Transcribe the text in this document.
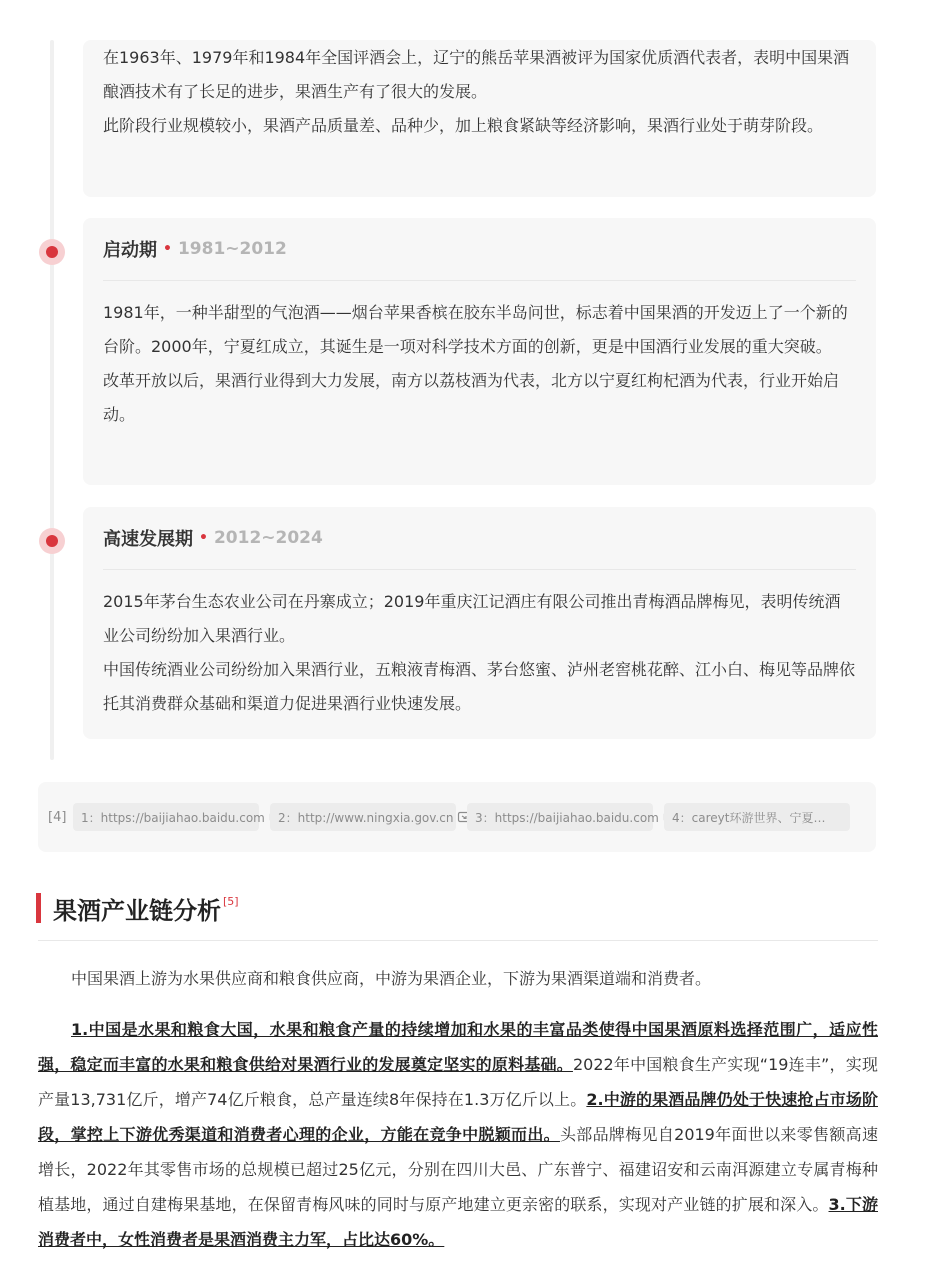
在1963年、1979年和1984年全国评酒会上，辽宁的熊岳苹果酒被评为国家优质酒代表者，表明中国果酒酿酒技术有了长足的进步，果酒生产有了很大的发展。

此阶段行业规模较小，果酒产品质量差、品种少，加上粮食紧缺等经济影响，果酒行业处于萌芽阶段。

启动期 • 1981~2012

1981年，一种半甜型的气泡酒——烟台苹果香槟在胶东半岛问世，标志着中国果酒的开发迈上了一个新的台阶。2000年，宁夏红成立，其诞生是一项对科学技术方面的创新，更是中国酒行业发展的重大突破。

改革开放以后，果酒行业得到大力发展，南方以荔枝酒为代表，北方以宁夏红枸杞酒为代表，行业开始启动。

高速发展期 • 2012~2024

2015年茅台生态农业公司在丹寨成立；2019年重庆江记酒庄有限公司推出青梅酒品牌梅见，表明传统酒业公司纷纷加入果酒行业。

中国传统酒业公司纷纷加入果酒行业，五粮液青梅酒、茅台悠蜜、泸州老窖桃花醉、江小白、梅见等品牌依托其消费群众基础和渠道力促进果酒行业快速发展。

[4]	1：https://baijiahao.baidu.com 2：http://www.ningxia.gov.cn 3：https://baijiahao.baidu.com 4：careyt环游世界、宁夏…
果酒产业链分析[5]

中国果酒上游为水果供应商和粮食供应商，中游为果酒企业，下游为果酒渠道端和消费者。

1.中国是水果和粮食大国，水果和粮食产量的持续增加和水果的丰富品类使得中国果酒原料选择范围广，适应性强，稳定而丰富的水果和粮食供给对果酒行业的发展奠定坚实的原料基础。2022年中国粮食生产实现“19连丰”，实现产量13,731亿斤，增产74亿斤粮食，总产量连续8年保持在1.3万亿斤以上。2.中游的果酒品牌仍处于快速抢占市场阶段，掌控上下游优秀渠道和消费者心理的企业，方能在竞争中脱颖而出。头部品牌梅见自2019年面世以来零售额高速增长，2022年其零售市场的总规模已超过25亿元，分别在四川大邑、广东普宁、福建诏安和云南洱源建立专属青梅种植基地，通过自建梅果基地，在保留青梅风味的同时与原产地建立更亲密的联系，实现对产业链的扩展和深入。3.下游消费者中，女性消费者是果酒消费主力军，占比达60%。
